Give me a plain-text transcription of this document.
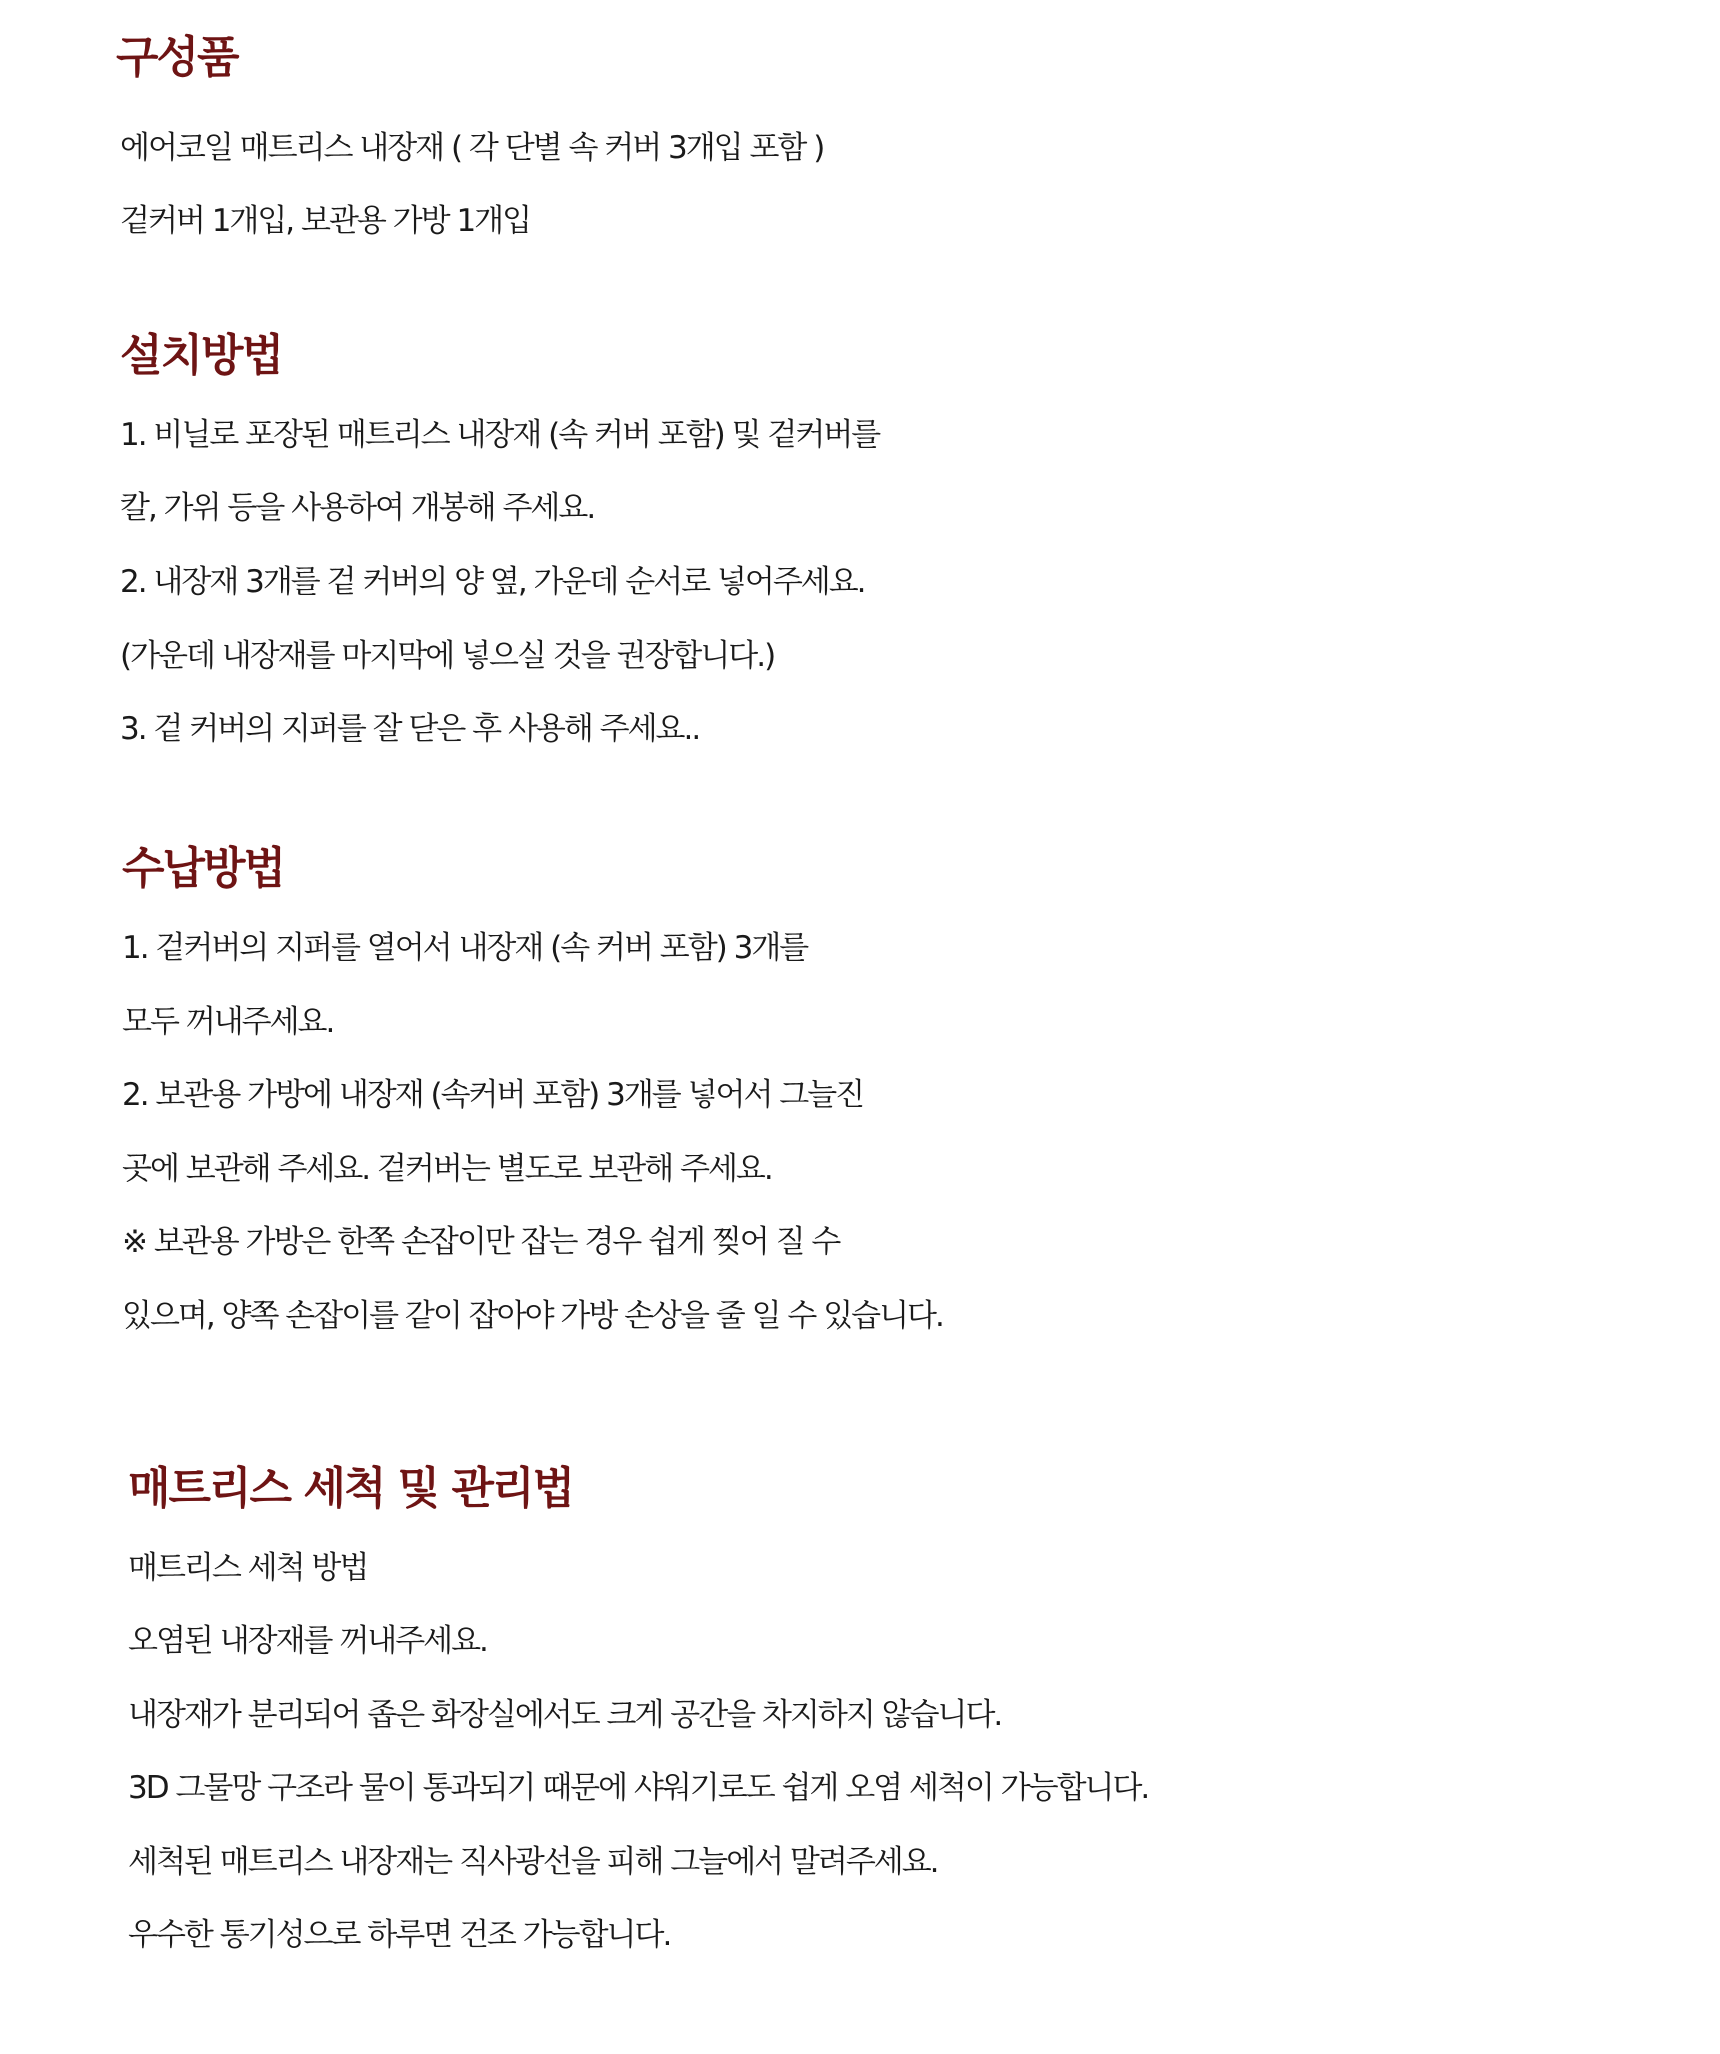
구성품

에어코일 매트리스 내장재 ( 각 단별 속 커버 3개입 포함 )

겉커버 1개입, 보관용 가방 1개입

설치방법

1. 비닐로 포장된 매트리스 내장재 (속 커버 포함) 및 겉커버를

칼, 가위 등을 사용하여 개봉해 주세요.

2. 내장재 3개를 겉 커버의 양 옆, 가운데 순서로 넣어주세요.

(가운데 내장재를 마지막에 넣으실 것을 권장합니다.)

3. 겉 커버의 지퍼를 잘 닫은 후 사용해 주세요..

수납방법

1. 겉커버의 지퍼를 열어서 내장재 (속 커버 포함) 3개를

모두 꺼내주세요.

2. 보관용 가방에 내장재 (속커버 포함) 3개를 넣어서 그늘진

곳에 보관해 주세요. 겉커버는 별도로 보관해 주세요.

※ 보관용 가방은 한쪽 손잡이만 잡는 경우 쉽게 찢어 질 수

있으며, 양쪽 손잡이를 같이 잡아야 가방 손상을 줄 일 수 있습니다.

매트리스 세척 및 관리법

매트리스 세척 방법

오염된 내장재를 꺼내주세요.

내장재가 분리되어 좁은 화장실에서도 크게 공간을 차지하지 않습니다.

3D 그물망 구조라 물이 통과되기 때문에 샤워기로도 쉽게 오염 세척이 가능합니다.

세척된 매트리스 내장재는 직사광선을 피해 그늘에서 말려주세요.

우수한 통기성으로 하루면 건조 가능합니다.
